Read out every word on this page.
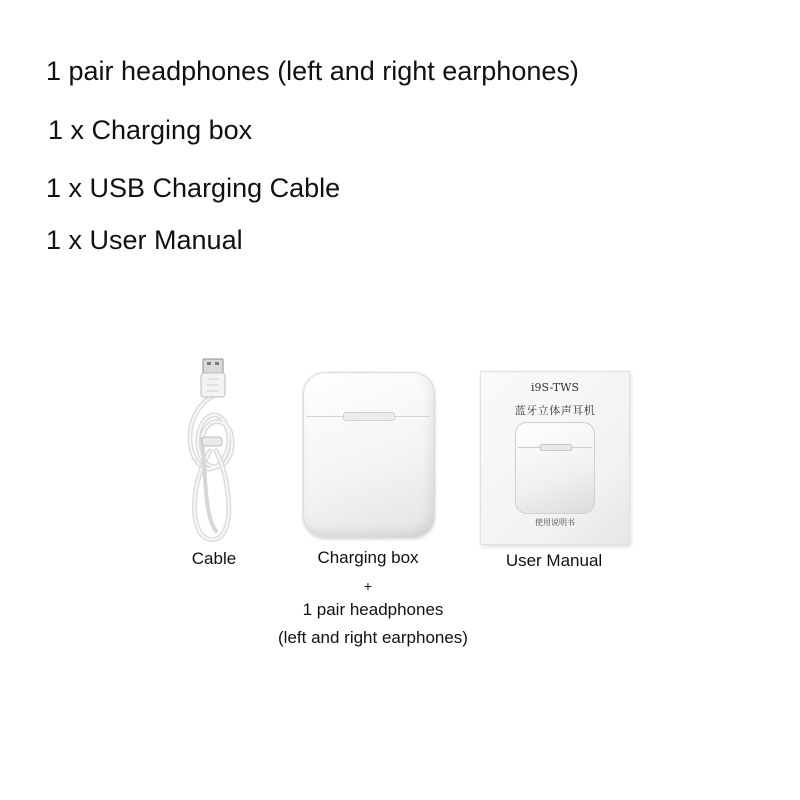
1 pair headphones (left and right earphones)
1 x Charging box
1 x USB Charging Cable
1 x User Manual
Cable	Charging box
+
1 pair headphones
(left and right earphones)
i9S-TWS
蓝牙立体声耳机
使用说明书
User Manual
